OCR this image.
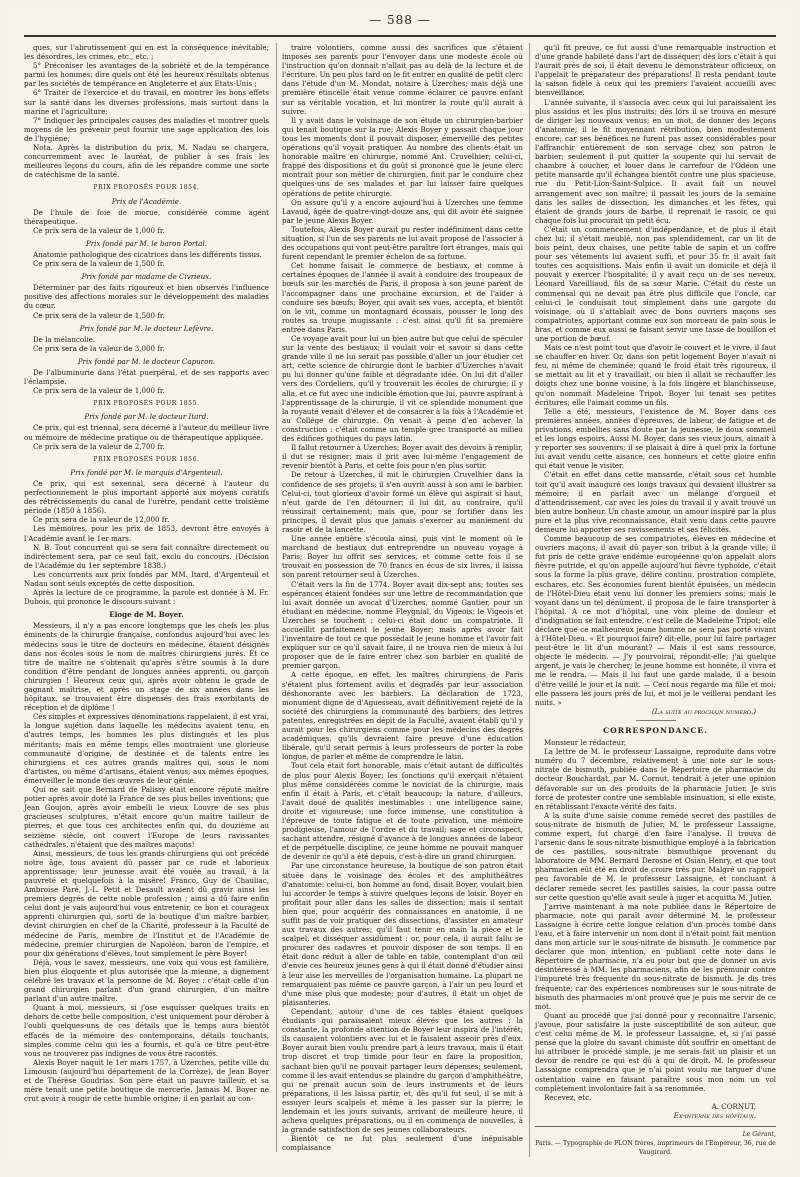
— 588 —

ques, sur l'abrutissement qui en est la conséquence inévitable; les désordres, les crimes, etc., etc. ;

5° Préconiser les avantages de la sobriété et de la tempérance parmi les hommes; dire quels ont été les heureux résultats obtenus par les sociétés de tempérance en Angleterre et aux Etats-Unis ;

6° Traiter de l'exercice et du travail, en montrer les bons effets sur la santé dans les diverses professions, mais surtout dans la marine et l'agriculture;

7° Indiquer les principales causes des maladies et montrer quels moyens de les prévenir peut fournir une sage application des lois de l'hygiène;

Nota. Après la distribution du prix, M. Nadau se chargera, concurremment avec le lauréat, de publier à ses frais les meilleures leçons du cours, afin de les répandre comme une sorte de catéchisme de la santé.

PRIX PROPOSÉS POUR 1854.

Prix de l'Académie.

De l'huile de foie de morue, considérée comme agent thérapeutique.

Ce prix sera de la valeur de 1,000 fr.

Prix fondé par M. le baron Portal.

Anatomie pathologique des cicatrices dans les différents tissus.

Ce prix sera de la valeur de 1,500 fr.

Prix fondé par madame de Civrieux.

Déterminer par des faits rigoureux et bien observés l'influence positive des affections morales sur le développement des maladies du cœur.

Ce prix sera de la valeur de 1,500 fr.

Prix fondé par M. le docteur Lefèvre.

De la mélancolie.

Ce prix sera de la valeur de 3,000 fr.

Prix fondé par M. le docteur Capuron.

De l'albuminurie dans l'état puerpéral, et de ses rapports avec l'éclampsie.

Ce prix sera de la valeur de 1,000 fr.

PRIX PROPOSÉS POUR 1855.

Prix fondé par M. le docteur Itard.

Ce prix, qui est triennal, sera décerné à l'auteur du meilleur livre ou mémoire de médecine pratique ou de thérapeutique appliquée.

Ce prix sera de la valeur de 2,700 fr.

PRIX PROPOSÉS POUR 1856.

Prix fondé par M. le marquis d'Argenteuil.

Ce prix, qui est sexennal, sera décerné à l'auteur du perfectionnement le plus important apporté aux moyens curatifs des rétrécissements du canal de l'urètre, pendant cette troisième période (1850 à 1856).

Ce prix sera de la valeur de 12,000 fr.

Les mémoires, pour les prix de 1853, devront être envoyés à l'Académie avant le 1er mars.

N. B. Tout concurrent qui se sera fait connaître directement ou indirectement sera, par ce seul fait, exclu du concours. (Décision de l'Académie du 1er septembre 1838.)

Les concurrents aux prix fondés par MM. Itard, d'Argenteuil et Nadau sont seuls exceptés de cette disposition.

Après la lecture de ce programme, la parole est donnée à M. Fr. Dubois, qui prononce le discours suivant :

Eloge de M. Boyer.

Messieurs, il n'y a pas encore longtemps que les chefs les plus éminents de la chirurgie française, confondus aujourd'hui avec les médecins sous le titre de docteurs en médecine, étaient désignés dans nos écoles sous le nom de maîtres chirurgiens jurés. Et ce titre de maître ne s'obtenait qu'après s'être soumis à la dure condition d'être pendant de longues années apprenti, ou garçon chirurgien ! Heureux ceux qui, après avoir obtenu le grade de gagnant maîtrise, et après un stage de six années dans les hôpitaux, se trouvaient être dispensés des frais exorbitants de réception et de diplôme !

Ces simples et expressives dénominations rappelaient, il est vrai, la longue sujétion dans laquelle les médecins avaient tenu, en d'autres temps, les hommes les plus distingués et les plus méritants; mais en même temps elles montraient une glorieuse communauté d'origine, de destinée et de talents entre les chirurgiens et ces autres grands maîtres qui, sous le nom d'artistes, ou même d'artisans, étaient venus, aux mêmes époques, émerveiller le monde des œuvres de leur génie.

Qui ne sait que Bernard de Palissy était encore réputé maître potier après avoir doté la France de ses plus belles inventions; que Jean Goujon, après avoir embelli le vieux Louvre de ses plus gracieuses sculptures, n'était encore qu'un maître tailleur de pierres, et que tous ces architectes enfin qui, du douzième au seizième siècle, ont couvert l'Europe de leurs ravissantes cathédrales, n'étaient que des maîtres maçons!

Ainsi, messieurs, de tous les grands chirurgiens qui ont précédé notre âge, tous avaient dû passer par ce rude et laborieux apprentissage; leur jeunesse avait été vouée au travail, à la pauvreté et quelquefois à la misère! Franco, Guy de Chauliac, Ambroise Paré, J.-L. Petit et Desault avaient dû gravir ainsi les premiers degrés de cette noble profession ; ainsi a dû faire enfin celui dont je vais aujourd'hui vous entretenir, ce bon et courageux apprenti chirurgien qui, sorti de la boutique d'un maître barbier, devint chirurgien en chef de la Charité, professeur à la Faculté de médecine de Paris, membre de l'Institut et de l'Académie de médecine, premier chirurgien de Napoléon, baron de l'empire, et pour dix générations d'élèves, tout simplement le père Boyer!

Déjà, vous le savez, messieurs, une voix qui vous est familière, bien plus éloquente et plus autorisée que la mienne, a dignement célébré les travaux et la personne de M. Boyer : c'était celle d'un grand chirurgien parlant d'un grand chirurgien, d'un maître parlant d'un autre maître.

Quant à moi, messieurs, si j'ose esquisser quelques traits en dehors de cette belle composition, c'est uniquement pour dérober à l'oubli quelques-uns de ces détails que le temps aura bientôt effacés de la mémoire des contemporains, détails touchants, simples comme celui qui les a fournis, et qu'à ce titre peut-être vous ne trouverez pas indignes de vous être racontés.

Alexis Boyer naquit le 1er mars 1757, à Uzerches, petite ville du Limousin (aujourd'hui département de la Corrèze), de Jean Boyer et de Thérèse Goudrias. Son père était un pauvre tailleur, et sa mère tenait une petite boutique de mercerie. Jamais M. Boyer ne crut avoir à rougir de cette humble origine; il en parlait au con-

traire volontiers, comme aussi des sacrifices que s'étaient imposés ses parents pour l'envoyer dans une modeste école où l'instruction qu'on donnait n'allait pas au delà de la lecture et de l'écriture. Un peu plus tard on le fit entrer en qualité de petit clerc dans l'étude d'un M. Mondat, notaire à Uzerches; mais déjà une première étincelle était venue comme éclairer ce pauvre enfant sur sa véritable vocation, et lui montrer la route qu'il aurait à suivre.

Il y avait dans le voisinage de son étude un chirurgien-barbier qui tenait boutique sur la rue; Alexis Boyer y passait chaque jour tous les moments dont il pouvait disposer, émerveillé des petites opérations qu'il voyait pratiquer. Au nombre des clients était un honorable maître en chirurgie, nommé Ant. Cruvelhier; celui-ci, frappé des dispositions et du goût si prononcé que le jeune clerc montrait pour son métier de chirurgien, finit par le conduire chez quelques-uns de ses malades et par lui laisser faire quelques opérations de petite chirurgie.

On assure qu'il y a encore aujourd'hui à Uzerches une femme Lavaud, âgée de quatre-vingt-douze ans, qui dit avoir été saignée par le jeune Alexis Boyer.

Toutefois, Alexis Boyer aurait pu rester indéfiniment dans cette situation, si l'un de ses parents ne lui avait proposé de l'associer à des occupations qui vont peut-être paraître fort étranges, mais qui furent cependant le premier échelon de sa fortune.

Cet homme faisait le commerce de bestiaux, et comme à certaines époques de l'année il avait à conduire des troupeaux de bœufs sur les marchés de Paris, il proposa à son jeune parent de l'accompagner dans une prochaine excursion, et de l'aider à conduire ses bœufs; Boyer, qui avait ses vues, accepta, et bientôt on le vit, comme un montagnard écossais, pousser le long des routes sa troupe mugissante : c'est ainsi qu'il fit sa première entrée dans Paris.

Ce voyage avait pour lui un bien autre but que celui de spéculer sur la vente des bestiaux; il voulait voir et savoir si dans cette grande ville il ne lui serait pas possible d'aller un jour étudier cet art, cette science de chirurgie dont le barbier d'Uzerches n'avait pu lui donner qu'une faible et dégradante idée. On lui dit d'aller vers des Cordeliers, qu'il y trouverait les écoles de chirurgie; il y alla, et ce fut avec une indicible émotion que lui, pauvre aspirant à l'apprentissage de la chirurgie, il vit ce splendide monument que la royauté venait d'élever et de consacrer à la fois à l'Académie et au Collége de chirurgie. On venait à peine d'en achever la construction : c'était comme un temple grec transporté au milieu des édifices gothiques du pays latin.

Il fallut retourner à Uzerches; Boyer avait des devoirs à remplir, il dut se résigner; mais il prit avec lui-même l'engagement de revenir bientôt à Paris, et cette fois pour n'en plus sortir.

De retour à Uzerches, il mit le chirurgien Cruvelhier dans la confidence de ses projets; il s'en ouvrit aussi à son ami le barbier. Celui-ci, tout glorieux d'avoir formé un élève qui aspirait si haut, n'eut garde de l'en détourner; il lui dit, au contraire, qu'il réussirait certainement; mais que, pour se fortifier dans les principes, il devait plus que jamais s'exercer au maniement du rasoir et de la lancette.

Une année entière s'écoula ainsi, puis vint le moment où le marchand de bestiaux dut entreprendre un nouveau voyage à Paris; Boyer lui offrit ses services, et comme cette fois il se trouvait en possession de 70 francs en écus de six livres, il laissa son parent retourner seul à Uzerches.

C'était vers la fin de 1774. Boyer avait dix-sept ans; toutes ses espérances étaient fondées sur une lettre de recommandation que lui avait donnée un avocat d'Uzerches, nommé Gautier, pour un étudiant en médecine, nommé Fleygnial, du Vigeois; le Vigeois et Uzerches se touchent : celui-ci était donc un compatriote. Il accueillit parfaitement le jeune Boyer; mais après avoir fait l'inventaire de tout ce que possédait le jeune homme et l'avoir fait expliquer sur ce qu'il savait faire, il ne trouva rien de mieux à lui proposer que de le faire entrer chez son barbier en qualité de premier garçon.

A cette époque, en effet, les maîtres chirurgiens de Paris s'étaient plus fortement avilis et dégradés par leur association déshonorante avec les barbiers. La déclaration de 1723, monument digne de d'Aguesseau, avait définitivement rejeté de la société des chirurgiens la communauté des barbiers; des lettres patentes, enregistrées en dépit de la Faculté, avaient établi qu'il y aurait pour les chirurgiens comme pour les médecins des degrés académiques, qu'ils devraient faire preuve d'une éducation libérale, qu'il serait permis à leurs professeurs de porter la robe longue, de parler et même de comprendre le latin.

Tout cela était fort honorable, mais c'était autant de difficultés de plus pour Alexis Boyer; les fonctions qu'il exerçait n'étaient plus même considérées comme le noviciat de la chirurgie, mais enfin il était à Paris, et c'était beaucoup; la nature, d'ailleurs, l'avait doué de qualités inestimables : une intelligence saine, droite et vigoureuse; une force immense, une constitution à l'épreuve de toute fatigue et de toute privation, une mémoire prodigieuse, l'amour de l'ordre et du travail; sage et circonspect, sachant attendre, résigné d'avance à de longues années de labeur et de perpétuelle discipline, ce jeune homme ne pouvait manquer de devenir ce qu'il a été depuis, c'est-à-dire un grand chirurgien.

Par une circonstance heureuse, la boutique de son patron était située dans le voisinage des écoles et des amphithéâtres d'anatomie: celui-ci, bon homme au fond, disait Boyer, voulait bien lui accorder le temps à suivre quelques leçons de loisir. Boyer en profitait pour aller dans les salles de dissection; mais il sentait bien que, pour acquérir des connaissances en anatomie, il ne suffit pas de voir pratiquer des dissections, d'assister en amateur aux travaux des autres; qu'il faut tenir en main la pièce et le scalpel, et disséquer assidûment : or, pour cela, il aurait fallu se procurer des cadavres et pouvoir disposer de son temps. Il en était donc réduit à aller de table en table, contemplant d'un œil d'envie ces heureux jeunes gens à qui il était donné d'étudier ainsi à leur aise les merveilles de l'organisation humaine. La plupart ne remarquaient pas même ce pauvre garçon, à l'air un peu lourd et d'une mise plus que modeste; pour d'autres, il était un objet de plaisanteries.

Cependant, autour d'une de ces tables étaient quelques étudiants qui paraissaient mieux élevés que les autres : la constante, la profonde attention de Boyer leur inspira de l'intérêt; ils causaient volontiers avec lui et le faisaient asseoir près d'eux. Boyer aurait bien voulu prendre part à leurs travaux, mais il était trop discret et trop timide pour leur en faire la proposition, sachant bien qu'il ne pouvait partager leurs dépenses; seulement, comme il les avait entendus se plaindre du garçon d'amphithéâtre, qui ne prenait aucun soin de leurs instruments et de leurs préparations, il les laissa partir, et, dès qu'il fut seul, il se mit à essuyer leurs scalpels et même à les passer sur la pierre; le lendemain et les jours suivants, arrivant de meilleure heure, il acheva quelques préparations, ou il en commença de nouvelles, à la grande satisfaction de ses jeunes collaborateurs.

Bientôt ce ne fut plus seulement d'une inépuisable complaisance

qu'il fit preuve, ce fut aussi d'une remarquable instruction et d'une grande habileté dans l'art de disséquer; dès lors c'était à qui l'aurait près de soi, il était devenu le démonstrateur officieux, on l'appelait le préparateur des préparations! Il resta pendant toute la saison fidèle à ceux qui les premiers l'avaient accueilli avec bienveillance.

L'année suivante, il s'associa avec ceux qui lui paraissaient les plus assidus et les plus instruits; dès lors il se trouva en mesure de diriger les nouveaux venus; en un mot, de donner des leçons d'anatomie; il le fit moyennant rétribution, bien modestement encore; car ses bénéfices ne furent pas assez considérables pour l'affranchir entièrement de son servage chez son patron le barbier; seulement il put quitter la soupente qui lui servait de chambre à coucher, et louer dans le carrefour de l'Odéon une petite mansarde qu'il échangea bientôt contre une plus spacieuse, rue du Petit-Lion-Saint-Sulpice. Il avait fait un nouvel arrangement avec son maître; il passait les jours de la semaine dans les salles de dissection, les dimanches et les fêtes, qui étaient de grands jours de barbe, il reprenait le rasoir, ce qui chaque fois lui procurait un petit écu.

C'était un commencement d'indépendance, et de plus il était chez lui; il s'était meublé, non pas splendidement, car un lit de bois peint, deux chaises, une petite table de sapin et un coffre pour ses vêtements lui avaient suffi, et pour 35 fr. il avait fait toutes ces acquisitions. Mais enfin il avait un domicile et déjà il pouvait y exercer l'hospitalité; il y avait reçu un de ses neveux, Léonard Vareilliaud, fils de sa sœur Marie. C'était du reste un commensal qui ne devait pas être plus difficile que l'oncle, car celui-ci le conduisait tout simplement dans une gargote du voisinage, où il s'attablait avec de bons ouvriers maçons ses compatriotes, apportant comme eux son morceau de pain sous le bras, et comme eux aussi se faisant servir une tasse de bouillon et une portion de bœuf.

Mais ce n'est point tout que d'avoir le couvert et le vivre, il faut se chauffer en hiver. Or, dans son petit logement Boyer n'avait ni feu, ni même de cheminée; quand le froid était très rigoureux, il se mettait au lit et y travaillait, ou bien il allait se réchauffer les doigts chez une bonne voisine, à la fois lingère et blanchisseuse, qu'on nommait Madeleine Tripot. Boyer lui tenait ses petites écritures; elle l'aimait comme un fils.

Telle a été, messieurs, l'existence de M. Boyer dans ces premières années, années d'épreuves, de labeur, de fatigue et de privations, embellies sans doute par la jeunesse, le doux sommeil et les longs espoirs. Aussi M. Boyer, dans ses vieux jours, aimait à y reporter ses souvenirs; il se plaisait à dire à quel prix la fortune lui avait vendu cette aisance, ces honneurs et cette gloire enfin qui était venue le visiter.

C'était en effet dans cette mansarde, c'était sous cet humble toit qu'il avait inauguré ces longs travaux qui devaient illustrer sa mémoire; il en parlait avec un mélange d'orgueil et d'attendrissement, car avec les joies du travail il y avait trouvé un bien autre bonheur. Un chaste amour, un amour inspiré par la plus pure et la plus vive reconnaissance, était venu dans cette pauvre demeure lui apporter ses ravissements et ses félicités.

Comme beaucoup de ses compatriotes, élèves en médecine et ouvriers maçons, il avait dû payer son tribut à la grande ville; il fut pris de cette grave endémie européenne qu'on appelait alors fièvre putride, et qu'on appelle aujourd'hui fièvre typhoïde, c'était sous la forme la plus grave, délire continu, prostration complète, eschares, etc. Ses économies furent bientôt épuisées, un médecin de l'Hôtel-Dieu était venu lui donner les premiers soins; mais le voyant dans un tel dénûment, il proposa de le faire transporter à l'hôpital. A ce mot d'hôpital, une voix pleine de douleur et d'indignation se fait entendre, c'est celle de Madeleine Tripot; elle déclare que ce malheureux jeune homme ne sera pas porté vivant à l'Hôtel-Dieu. « Et pourquoi faire? dit-elle, pour lui faire partager peut-être le lit d'un mourant? — Mais il est sans ressource, objecte le médecin. — J'y pourvoirai, répondit-elle; j'ai quelque argent, je vais le chercher; le jeune homme est honnête, il vivra et me le rendra. — Mais il lui faut une garde malade, il a besoin d'être veillé le jour et la nuit. — Ceci nous regarde ma fille et moi; elle passera les jours près de lui, et moi je le veillerai pendant les nuits. »

(La suite au prochain numéro.)

CORRESPONDANCE.

Monsieur le rédacteur,

La lettre de M. le professeur Lassaigne, reproduite dans votre numéro du 7 décembre, relativement à une note sur le sous-nitrate de bismuth, publiée dans le Répertoire de pharmacie du docteur Bouchardat, par M. Cornut, tendrait à jeter une opinion défavorable sur un des produits de la pharmacie Jutier. Je suis forcé de protester contre une semblable insinuation, si elle existe, en rétablissant l'exacte vérité des faits.

A la suite d'une saisie comme remède secret des pastilles de sous-nitrate de bismuth de Jutier, M. le professeur Lassaigne, comme expert, fut chargé d'en faire l'analyse. Il trouva de l'arsenic dans le sous-nitrate bismuthique employé à la fabrication de ces pastilles, sous-nitrate bismuthique provenant du laboratoire de MM. Bernard Derosne et Osian Henry, et que tout pharmacien eût été en droit de croire très pur. Malgré un rapport peu favorable de M. le professeur Lassaigne, et concluant à déclarer remède secret les pastilles saisies, la cour passa outre sur cette question qu'elle avait seule à juger et acquitta M. Jutier.

J'arrive maintenant à ma note publiée dans le Répertoire de pharmacie, note qui paraît avoir déterminé M. le professeur Lassaigne à écrire cette longue relation d'un procès tombé dans l'eau, et à faire intervenir un nom dont il n'était point fait mention dans mon article sur le sous-nitrate de bismuth. Je commence par déclarer que mon intention, en publiant cette note dans le Répertoire de pharmacie, n'a eu pour but que de donner un avis désintéressé à MM. les pharmaciens, afin de les prémunir contre l'impureté très fréquente du sous-nitrate de bismuth. Je dis très fréquente; car des expériences nombreuses sur le sous-nitrate de bismuth des pharmacies m'ont prouvé que je puis me servir de ce mot.

Quant au procédé que j'ai donné pour y reconnaître l'arsenic, j'avoue, pour satisfaire la juste susceptibilité de son auteur, que c'est celui même de M. le professeur Lassaigne, et, si j'ai passé pensé que la gloire du savant chimiste dût souffrir en omettant de lui attribuer le procédé simple, je me serais fait un plaisir et un devoir de rendre ce qui est dû à qui de droit. M. le professeur Lassaigne comprendra que je n'ai point voulu me targuer d'une ostentation vaine en faisant paraître sous mon nom un vol complètement involontaire fait à sa renommée.

Recevez, etc.

A. CORNUT,

Ex-interne des hôpitaux.

Le Gérant,
Paris. — Typographie de PLON frères, imprimeurs de l'Empereur, 36, rue de Vaugirard.
